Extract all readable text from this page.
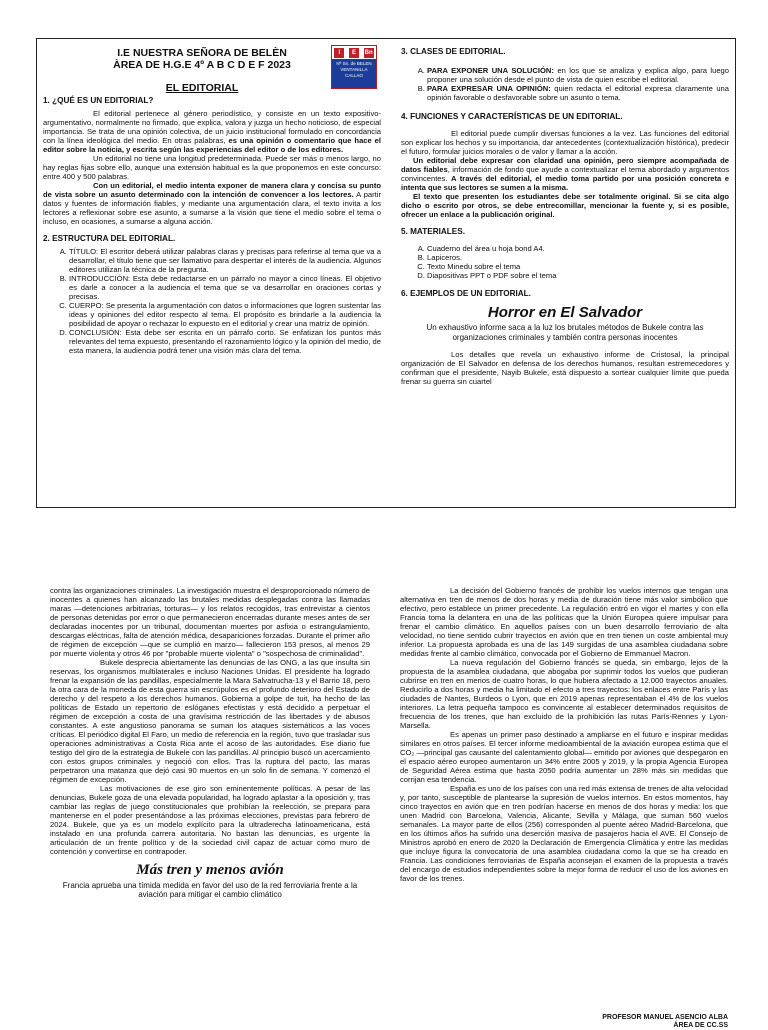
I.E NUESTRA SEÑORA DE BELÈN
ÀREA DE H.G.E 4º A B C D E F 2023
EL EDITORIAL
I	E	Bn
Nª Sn. de BELEN
VENTANILLA
CALLAO
1. ¿QUÉ ES UN EDITORIAL?

El editorial pertenece al género periodístico, y consiste en un texto expositivo-argumentativo, normalmente no firmado, que explica, valora y juzga un hecho noticioso, de especial importancia. Se trata de una opinión colectiva, de un juicio institucional formulado en concordancia con la línea ideológica del medio. En otras palabras, es una opinión o comentario que hace el editor sobre la noticia, y escrita según las experiencias del editor o de los editores.

Un editorial no tiene una longitud predeterminada. Puede ser más o menos largo, no hay reglas fijas sobre ello, aunque una extensión habitual es la que proponemos en este concurso: entre 400 y 500 palabras.

Con un editorial, el medio intenta exponer de manera clara y concisa su punto de vista sobre un asunto determinado con la intención de convencer a los lectores. A partir datos y fuentes de información fiables, y mediante una argumentación clara, el texto invita a los lectores a reflexionar sobre ese asunto, a sumarse a la visión que tiene el medio sobre el tema o incluso, en ocasiones, a sumarse a alguna acción.

2. ESTRUCTURA DEL EDITORIAL.
A. TÍTULO: El escritor deberá utilizar palabras claras y precisas para referirse al tema que va a desarrollar, el título tiene que ser llamativo para despertar el interés de la audiencia. Algunos editores utilizan la técnica de la pregunta.
B. INTRODUCCIÓN: Esta debe redactarse en un párrafo no mayor a cinco líneas. El objetivo es darle a conocer a la audiencia el tema que se va desarrollar en oraciones cortas y precisas.
C. CUERPO: Se presenta la argumentación con datos o informaciones que logren sustentar las ideas y opiniones del editor respecto al tema. El propósito es brindarle a la audiencia la posibilidad de apoyar o rechazar lo expuesto en el editorial y crear una matriz de opinión.
D. CONCLUSIÓN: Esta debe ser escrita en un párrafo corto. Se enfatizan los puntos más relevantes del tema expuesto, presentando el razonamiento lógico y la opinión del medio, de esta manera, la audiencia podrá tener una visión más clara del tema.
3. CLASES DE EDITORIAL.
A. PARA EXPONER UNA SOLUCIÓN: en los que se analiza y explica algo, para luego proponer una solución desde el punto de vista de quien escribe el editorial.
B. PARA EXPRESAR UNA OPINIÓN: quien redacta el editorial expresa claramente una opinión favorable o desfavorable sobre un asunto o tema.
4. FUNCIONES Y CARACTERÍSTICAS DE UN EDITORIAL.

El editorial puede cumplir diversas funciones a la vez. Las funciones del editorial son explicar los hechos y su importancia, dar antecedentes (contextualización histórica), predecir el futuro, formular juicios morales o de valor y llamar a la acción.

Un editorial debe expresar con claridad una opinión, pero siempre acompañada de datos fiables, información de fondo que ayude a contextualizar el tema abordado y argumentos convincentes. A través del editorial, el medio toma partido por una posición concreta e intenta que sus lectores se sumen a la misma.

El texto que presenten los estudiantes debe ser totalmente original. Si se cita algo dicho o escrito por otros, se debe entrecomillar, mencionar la fuente y, si es posible, ofrecer un enlace a la publicación original.

5. MATERIALES.
A. Cuaderno del área u hoja bond A4.
B. Lapiceros.
C. Texto Minedu sobre el tema
D. Diapositivas PPT o PDF sobre el tema
6. EJEMPLOS DE UN EDITORIAL.
Horror en El Salvador

Un exhaustivo informe saca a la luz los brutales métodos de Bukele contra las organizaciones criminales y también contra personas inocentes

Los detalles que revela un exhaustivo informe de Cristosal, la principal organización de El Salvador en defensa de los derechos humanos, resultan estremecedores y confirman que el presidente, Nayib Bukele, está dispuesto a sortear cualquier límite que pueda frenar su guerra sin cuartel

contra las organizaciones criminales. La investigación muestra el desproporcionado número de inocentes a quienes han alcanzado las brutales medidas desplegadas contra las llamadas maras —detenciones arbitrarias, torturas— y los relatos recogidos, tras entrevistar a cientos de personas detenidas por error o que permanecieron encerradas durante meses antes de ser declaradas inocentes por un tribunal, documentan muertes por asfixia o estrangulamiento, descargas eléctricas, falta de atención médica, desapariciones forzadas. Durante el primer año de régimen de excepción —que se cumplió en marzo— fallecieron 153 presos, al menos 29 por muerte violenta y otros 46 por "probable muerte violenta" o "sospechosa de criminalidad".

Bukele desprecia abiertamente las denuncias de las ONG, a las que insulta sin reservas, los organismos multilaterales e incluso Naciones Unidas. El presidente ha logrado frenar la expansión de las pandillas, especialmente la Mara Salvatrucha-13 y el Barrio 18, pero la otra cara de la moneda de esta guerra sin escrúpulos es el profundo deterioro del Estado de derecho y del respeto a los derechos humanos. Gobierna a golpe de tuit, ha hecho de las políticas de Estado un repertorio de eslóganes efectistas y está decidido a perpetuar el régimen de excepción a costa de una gravísima restricción de las libertades y de abusos constantes. A este angustioso panorama se suman los ataques sistemáticos a las voces críticas. El periódico digital El Faro, un medio de referencia en la región, tuvo que trasladar sus operaciones administrativas a Costa Rica ante el acoso de las autoridades. Ese diario fue testigo del giro de la estrategia de Bukele con las pandillas. Al principio buscó un acercamiento con estos grupos criminales y negoció con ellos. Tras la ruptura del pacto, las maras perpetraron una matanza que dejó casi 90 muertos en un solo fin de semana. Y comenzó el régimen de excepción.

Las motivaciones de ese giro son eminentemente políticas. A pesar de las denuncias, Bukele goza de una elevada popularidad, ha logrado aplastar a la oposición y, tras cambiar las reglas de juego constitucionales que prohibían la reelección, se prepara para mantenerse en el poder presentándose a las próximas elecciones, previstas para febrero de 2024. Bukele, que ya es un modelo explícito para la ultraderecha latinoamericana, está instalado en una profunda carrera autoritaria. No bastan las denuncias, es urgente la articulación de un frente político y de la sociedad civil capaz de actuar como muro de contención y convertirse en contrapoder.

Más tren y menos avión

Francia aprueba una tímida medida en favor del uso de la red ferroviaria frente a la aviación para mitigar el cambio climático

La decisión del Gobierno francés de prohibir los vuelos internos que tengan una alternativa en tren de menos de dos horas y media de duración tiene más valor simbólico que efectivo, pero establece un primer precedente. La regulación entró en vigor el martes y con ella Francia toma la delantera en una de las políticas que la Unión Europea quiere impulsar para frenar el cambio climático. En aquellos países con un buen desarrollo ferroviario de alta velocidad, no tiene sentido cubrir trayectos en avión que en tren tienen un coste ambiental muy inferior. La propuesta aprobada es una de las 149 surgidas de una asamblea ciudadana sobre medidas frente al cambio climático, convocada por el Gobierno de Emmanuel Macron.

La nueva regulación del Gobierno francés se queda, sin embargo, lejos de la propuesta de la asamblea ciudadana, que abogaba por suprimir todos los vuelos que pudieran cubrirse en tren en menos de cuatro horas, lo que hubiera afectado a 12.000 trayectos anuales. Reducirlo a dos horas y media ha limitado el efecto a tres trayectos: los enlaces entre París y las ciudades de Nantes, Burdeos o Lyon, que en 2019 apenas representaban el 4% de los vuelos interiores. La letra pequeña tampoco es convincente al establecer determinados requisitos de frecuencia de los trenes, que han excluido de la prohibición las rutas París-Rennes y Lyon-Marsella.

Es apenas un primer paso destinado a ampliarse en el futuro e inspirar medidas similares en otros países. El tercer informe medioambiental de la aviación europea estima que el CO₂ —principal gas causante del calentamiento global— emitido por aviones que despegaron en el espacio aéreo europeo aumentaron un 34% entre 2005 y 2019, y la propia Agencia Europea de Seguridad Aérea estima que hasta 2050 podría aumentar un 28% más sin medidas que corrijan esa tendencia.

España es uno de los países con una red más extensa de trenes de alta velocidad y, por tanto, susceptible de plantearse la supresión de vuelos internos. En estos momentos, hay cinco trayectos en avión que en tren podrían hacerse en menos de dos horas y media: los que unen Madrid con Barcelona, Valencia, Alicante, Sevilla y Málaga, que suman 560 vuelos semanales. La mayor parte de ellos (256) corresponden al puente aéreo Madrid-Barcelona, que en los últimos años ha sufrido una deserción masiva de pasajeros hacia el AVE. El Consejo de Ministros aprobó en enero de 2020 la Declaración de Emergencia Climática y entre las medidas que incluye figura la convocatoria de una asamblea ciudadana como la que se ha creado en Francia. Las condiciones ferroviarias de España aconsejan el examen de la propuesta a través del encargo de estudios independientes sobre la mejor forma de reducir el uso de los aviones en favor de los trenes.

PROFESOR MANUEL ASENCIO ALBA
ÁREA DE CC.SS
